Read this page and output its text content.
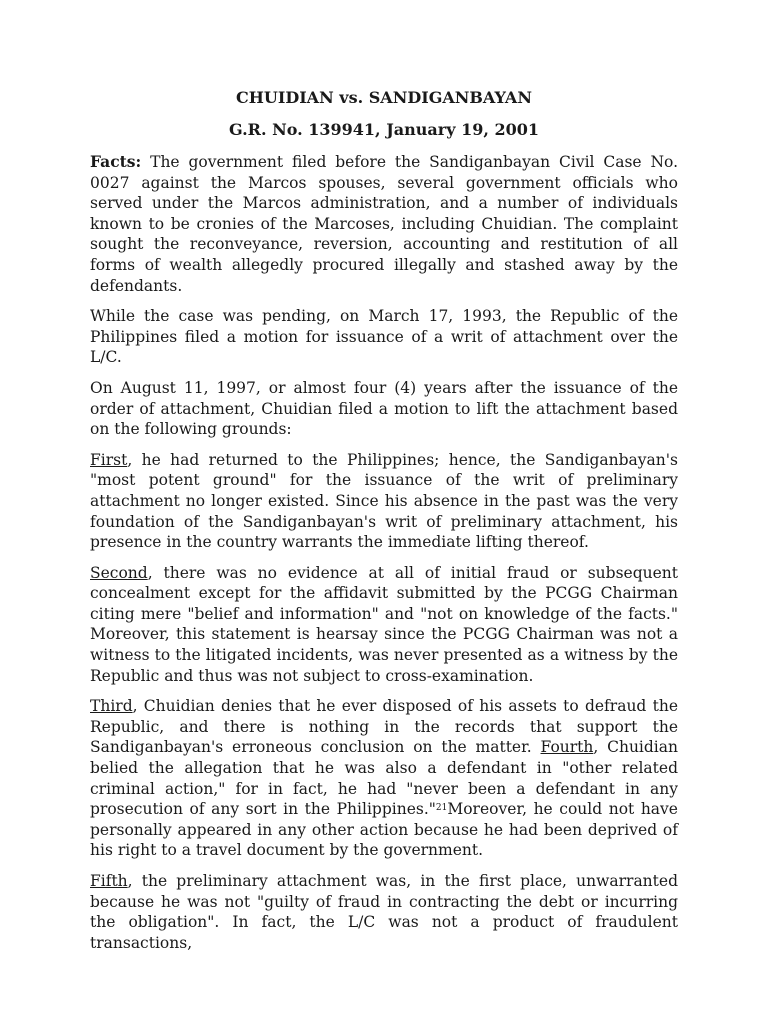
CHUIDIAN vs. SANDIGANBAYAN
G.R. No. 139941, January 19, 2001

Facts: The government filed before the Sandiganbayan Civil Case No. 0027 against the Marcos spouses, several government officials who served under the Marcos administration, and a number of individuals known to be cronies of the Marcoses, including Chuidian. The complaint sought the reconveyance, reversion, accounting and restitution of all forms of wealth allegedly procured illegally and stashed away by the defendants.

While the case was pending, on March 17, 1993, the Republic of the Philippines filed a motion for issuance of a writ of attachment over the L/C.

On August 11, 1997, or almost four (4) years after the issuance of the order of attachment, Chuidian filed a motion to lift the attachment based on the following grounds:

First, he had returned to the Philippines; hence, the Sandiganbayan's "most potent ground" for the issuance of the writ of preliminary attachment no longer existed. Since his absence in the past was the very foundation of the Sandiganbayan's writ of preliminary attachment, his presence in the country warrants the immediate lifting thereof.

Second, there was no evidence at all of initial fraud or subsequent concealment except for the affidavit submitted by the PCGG Chairman citing mere "belief and information" and "not on knowledge of the facts." Moreover, this statement is hearsay since the PCGG Chairman was not a witness to the litigated incidents, was never presented as a witness by the Republic and thus was not subject to cross-examination.

Third, Chuidian denies that he ever disposed of his assets to defraud the Republic, and there is nothing in the records that support the Sandiganbayan's erroneous conclusion on the matter. Fourth, Chuidian belied the allegation that he was also a defendant in "other related criminal action," for in fact, he had "never been a defendant in any prosecution of any sort in the Philippines."$^{21}$Moreover, he could not have personally appeared in any other action because he had been deprived of his right to a travel document by the government.

Fifth, the preliminary attachment was, in the first place, unwarranted because he was not "guilty of fraud in contracting the debt or incurring the obligation". In fact, the L/C was not a product of fraudulent transactions,
